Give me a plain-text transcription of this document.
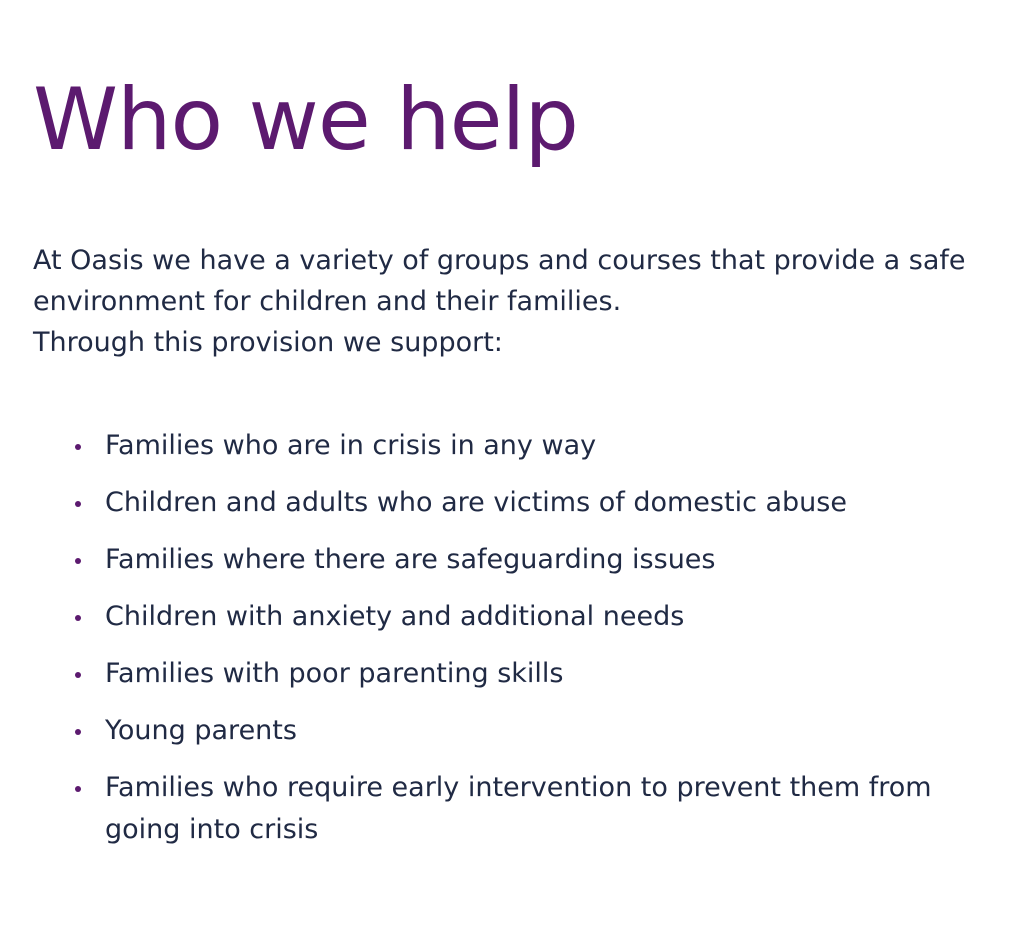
Who we help

At Oasis we have a variety of groups and courses that provide a safe environment for children and their families.

Through this provision we support:

Families who are in crisis in any way
Children and adults who are victims of domestic abuse
Families where there are safeguarding issues
Children with anxiety and additional needs
Families with poor parenting skills
Young parents
Families who require early intervention to prevent them from going into crisis
